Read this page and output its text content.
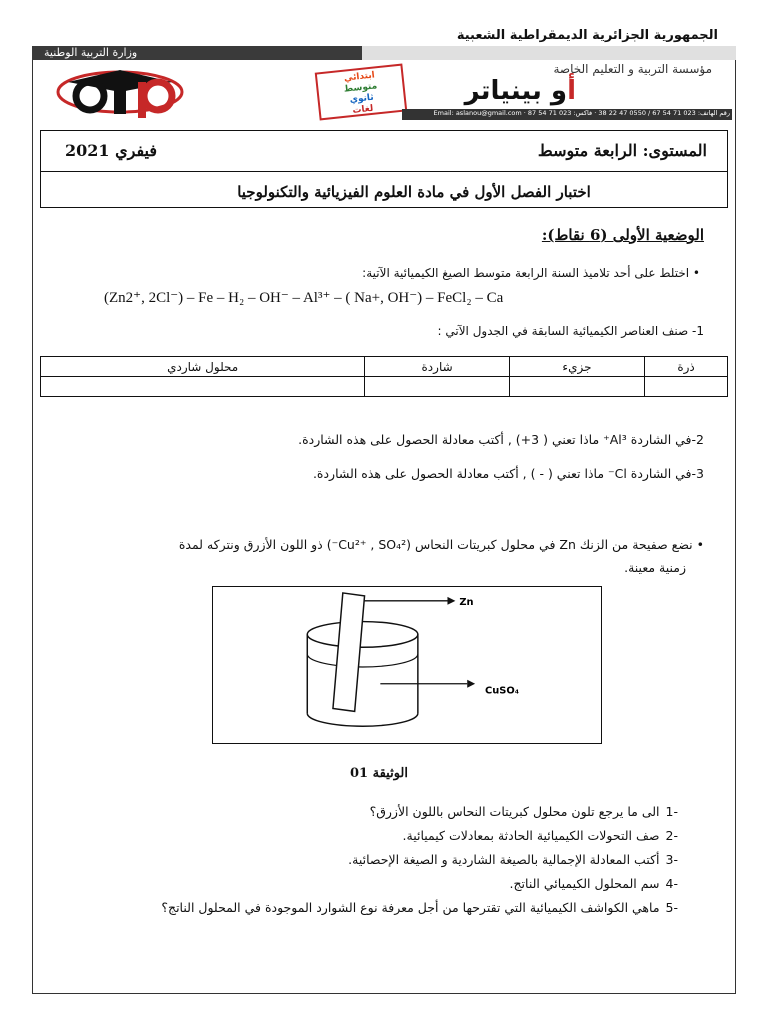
الجمهورية الجزائرية الديمقراطية الشعبية
وزارة التربية الوطنية
ابتدائي
متوسط
ثانوي
لغات
مؤسسة التربية و التعليم الخاصة
أو بينياتر
رقم الهاتف: 023 71 54 67 / 0550 47 22 38 · فاكس: 023 71 54 87 · Email: aslanou@gmail.com
المستوى: الرابعة متوسط
فيفري 2021
اختبار الفصل الأول في مادة العلوم الفيزيائية والتكنولوجيا
الوضعية الأولى (6 نقاط):
• اختلط على أحد تلاميذ السنة الرابعة متوسط الصيغ الكيميائية الآتية:
(Zn2⁺, 2Cl⁻) – Fe – H₂ – OH⁻ – Al³⁺ – ( Na+, OH⁻) – FeCl₂ – Ca
1- صنف العناصر الكيميائية السابقة في الجدول الآتي :
ذرة	جزيء	شاردة	محلول شاردي

2-في الشاردة Al³⁺ ماذا تعني ( 3+) , أكتب معادلة الحصول على هذه الشاردة.
3-في الشاردة Cl⁻ ماذا تعني ( - ) , أكتب معادلة الحصول على هذه الشاردة.
• نضع صفيحة من الزنك Zn في محلول كبريتات النحاس (Cu²⁺ , SO₄²⁻) ذو اللون الأزرق ونتركه لمدة
زمنية معينة.
Zn
CuSO₄
الوثيقة 01
-1الى ما يرجع تلون محلول كبريتات النحاس باللون الأزرق؟
-2صف التحولات الكيميائية الحادثة بمعادلات كيميائية.
-3أكتب المعادلة الإجمالية بالصيغة الشاردية و الصيغة الإحصائية.
-4سم المحلول الكيميائي الناتج.
-5ماهي الكواشف الكيميائية التي تقترحها من أجل معرفة نوع الشوارد الموجودة في المحلول الناتج؟
